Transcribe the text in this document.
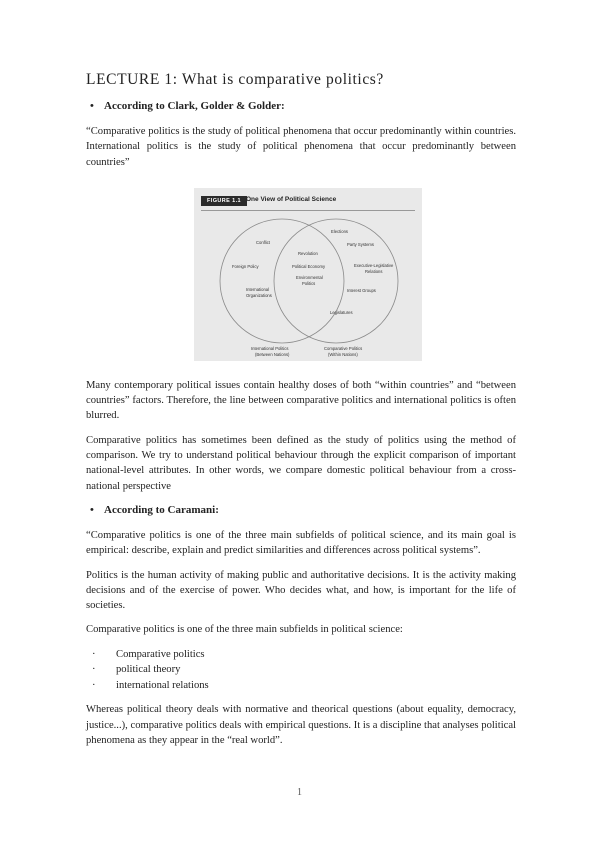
LECTURE 1: What is comparative politics?
• According to Clark, Golder & Golder:

“Comparative politics is the study of political phenomena that occur predominantly within countries. International politics is the study of political phenomena that occur predominantly between countries”

Conflict
Foreign Policy
International
Organizations
Revolution
Political Economy
Environmental
Politics
Elections
Party Systems
Executive-Legislative
Relations
Interest Groups
Legislatures
International Politics
(Between Nations)
Comparative Politics
(Within Nations)
FIGURE 1.1 One View of Political Science

Many contemporary political issues contain healthy doses of both “within countries” and “between countries” factors. Therefore, the line between comparative politics and international politics is often blurred.

Comparative politics has sometimes been defined as the study of politics using the method of comparison. We try to understand political behaviour through the explicit comparison of important national-level attributes. In other words, we compare domestic political behaviour from a cross-national perspective

• According to Caramani:

“Comparative politics is one of the three main subfields of political science, and its main goal is empirical: describe, explain and predict similarities and differences across political systems”.

Politics is the human activity of making public and authoritative decisions. It is the activity making decisions and of the exercise of power. Who decides what, and how, is important for the life of societies.

Comparative politics is one of the three main subfields in political science:

· Comparative politics
· political theory
· international relations

Whereas political theory deals with normative and theorical questions (about equality, democracy, justice...), comparative politics deals with empirical questions. It is a discipline that analyses political phenomena as they appear in the “real world”.

1
